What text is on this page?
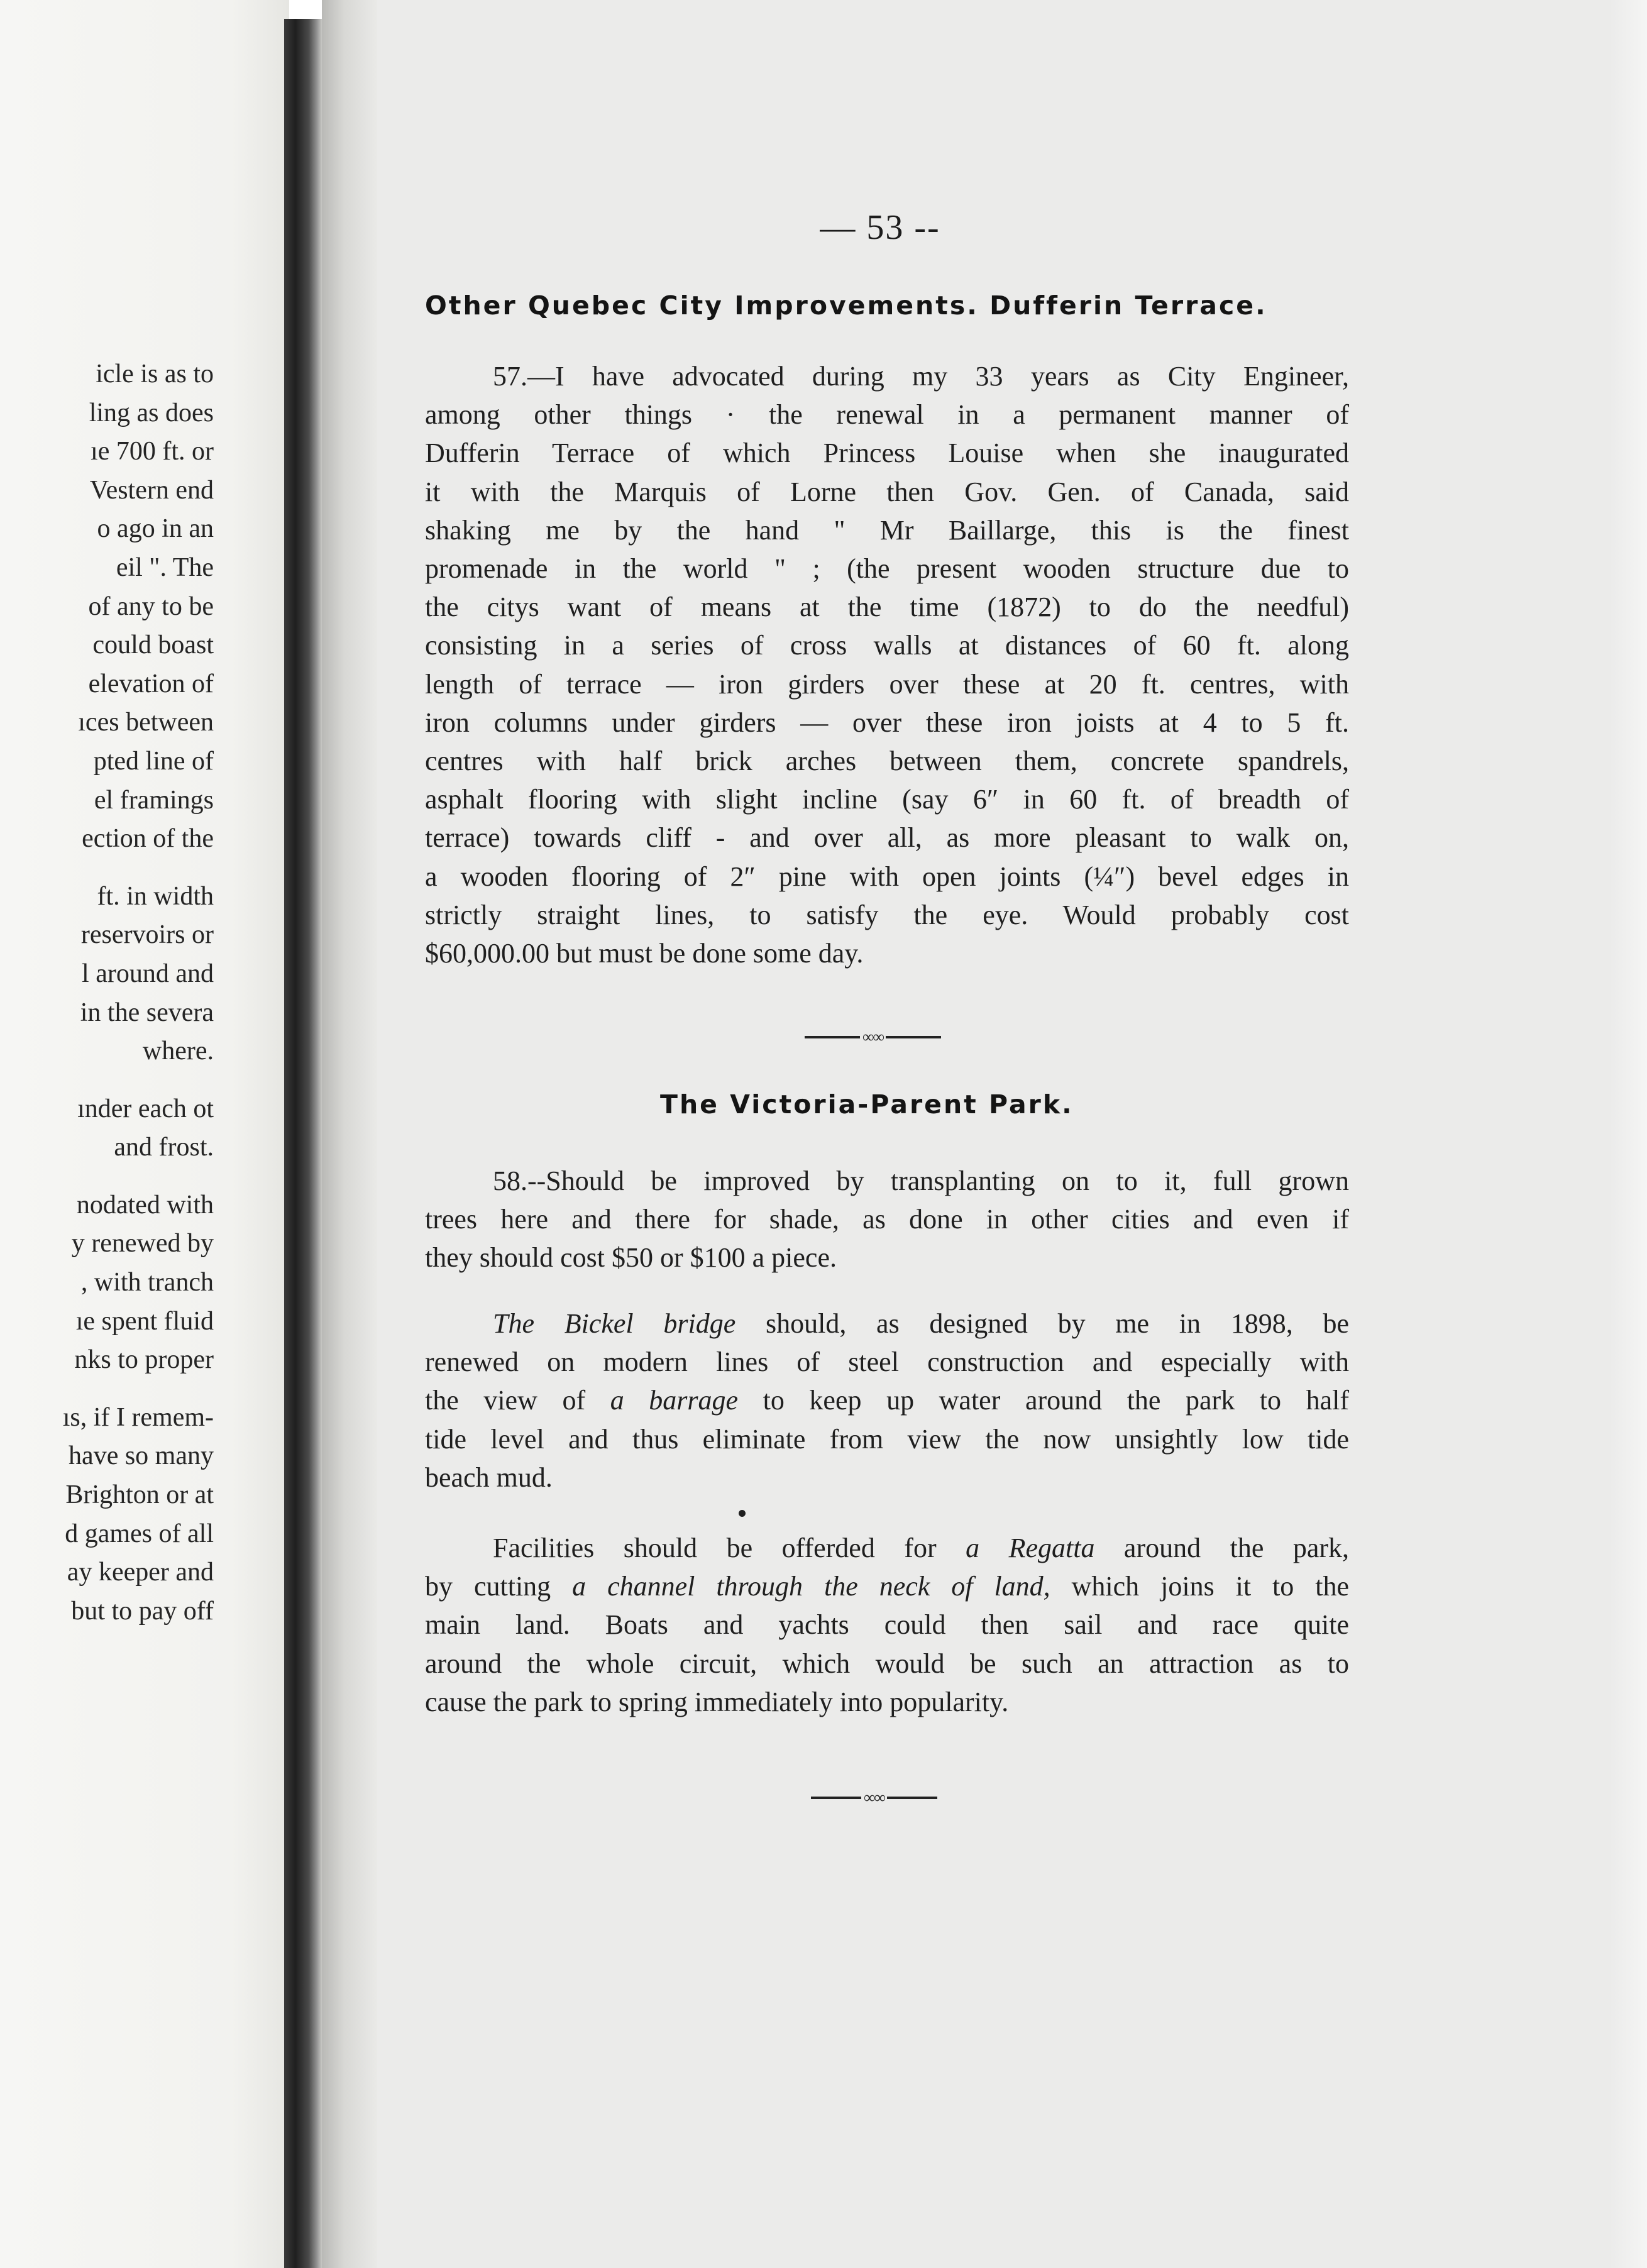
icle is as to
ling as does
ıe 700 ft. or
Vestern end
o ago in an
eil ". The
of any to be
could boast
elevation of
ıces between
pted line of
el framings
ection of the
ft. in width
reservoirs or
l around and
in the severa
where.
ınder each ot
and frost.
nodated with
y renewed by
, with tranch
ıe spent fluid
nks to proper
ıs, if I remem-
have so many
Brighton or at
d games of all
ay keeper and
but to pay off
— 53 --
Other Quebec City Improvements. Dufferin Terrace.
57.—I have advocated during my 33 years as City Engineer,
among other things · the renewal in a permanent manner of
Dufferin Terrace of which Princess Louise when she inaugurated
it with the Marquis of Lorne then Gov. Gen. of Canada, said
shaking me by the hand " Mr Baillarge, this is the finest
promenade in the world " ; (the present wooden structure due to
the citys want of means at the time (1872) to do the needful)
consisting in a series of cross walls at distances of 60 ft. along
length of terrace — iron girders over these at 20 ft. centres, with
iron columns under girders — over these iron joists at 4 to 5 ft.
centres with half brick arches between them, concrete spandrels,
asphalt flooring with slight incline (say 6″ in 60 ft. of breadth of
terrace) towards cliff - and over all, as more pleasant to walk on,
a wooden flooring of 2″ pine with open joints (¼″) bevel edges in
strictly straight lines, to satisfy the eye. Would probably cost
$60,000.00 but must be done some day.
∞∞
The Victoria-Parent Park.
58.--Should be improved by transplanting on to it, full grown
trees here and there for shade, as done in other cities and even if
they should cost $50 or $100 a piece.
The Bickel bridge should, as designed by me in 1898, be
renewed on modern lines of steel construction and especially with
the view of a barrage to keep up water around the park to half
tide level and thus eliminate from view the now unsightly low tide
beach mud.
Facilities should be offerded for a Regatta around the park,
by cutting a channel through the neck of land, which joins it to the
main land. Boats and yachts could then sail and race quite
around the whole circuit, which would be such an attraction as to
cause the park to spring immediately into popularity.
∞∞
